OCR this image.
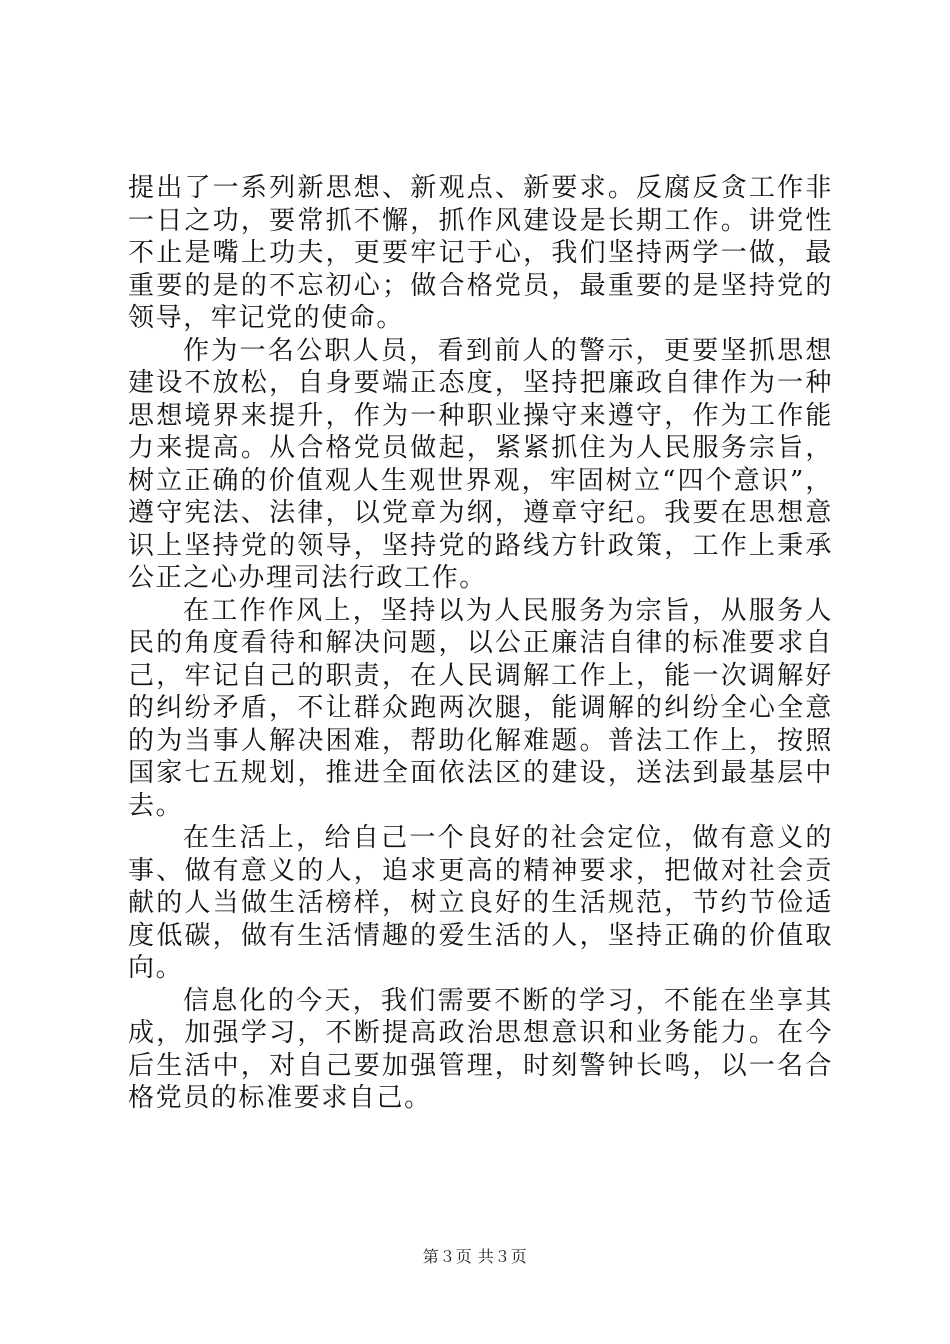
提出了一系列新思想、新观点、新要求。反腐反贪工作非一日之功，要常抓不懈，抓作风建设是长期工作。讲党性不止是嘴上功夫，更要牢记于心，我们坚持两学一做，最重要的是的不忘初心；做合格党员，最重要的是坚持党的领导，牢记党的使命。

作为一名公职人员，看到前人的警示，更要坚抓思想建设不放松，自身要端正态度，坚持把廉政自律作为一种思想境界来提升，作为一种职业操守来遵守，作为工作能力来提高。从合格党员做起，紧紧抓住为人民服务宗旨，树立正确的价值观人生观世界观，牢固树立“四个意识”，遵守宪法、法律，以党章为纲，遵章守纪。我要在思想意识上坚持党的领导，坚持党的路线方针政策，工作上秉承公正之心办理司法行政工作。

在工作作风上，坚持以为人民服务为宗旨，从服务人民的角度看待和解决问题，以公正廉洁自律的标准要求自己，牢记自己的职责，在人民调解工作上，能一次调解好的纠纷矛盾，不让群众跑两次腿，能调解的纠纷全心全意的为当事人解决困难，帮助化解难题。普法工作上，按照国家七五规划，推进全面依法区的建设，送法到最基层中去。

在生活上，给自己一个良好的社会定位，做有意义的事、做有意义的人，追求更高的精神要求，把做对社会贡献的人当做生活榜样，树立良好的生活规范，节约节俭适度低碳，做有生活情趣的爱生活的人，坚持正确的价值取向。

信息化的今天，我们需要不断的学习，不能在坐享其成，加强学习，不断提高政治思想意识和业务能力。在今后生活中，对自己要加强管理，时刻警钟长鸣，以一名合格党员的标准要求自己。

第３页 共３页
